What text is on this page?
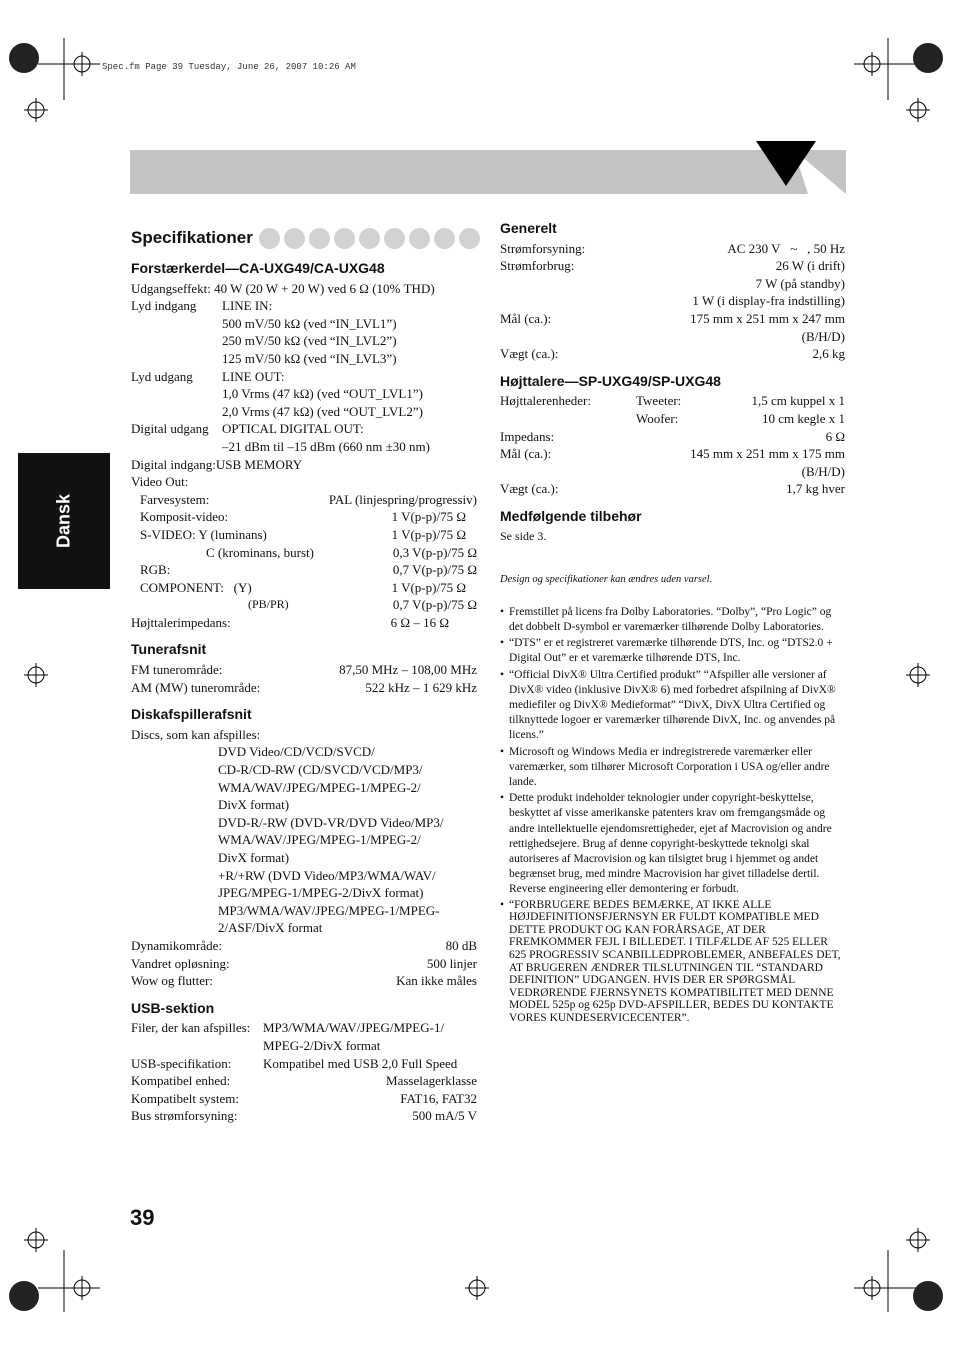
Spec.fm Page 39 Tuesday, June 26, 2007 10:26 AM
Dansk
Specifikationer
Forstærkerdel—CA-UXG49/CA-UXG48
Udgangseffekt:
40 W (20 W + 20 W) ved 6 Ω (10% THD)
Lyd indgang	LINE IN:
500 mV/50 kΩ (ved “IN_LVL1”)
250 mV/50 kΩ (ved “IN_LVL2”)
125 mV/50 kΩ (ved “IN_LVL3”)
Lyd udgang	LINE OUT:
1,0 Vrms (47 kΩ) (ved “OUT_LVL1”)
2,0 Vrms (47 kΩ) (ved “OUT_LVL2”)
Digital udgang	OPTICAL DIGITAL OUT:
–21 dBm til –15 dBm (660 nm ±30 nm)
Digital indgang:USB MEMORY
Video Out:
Farvesystem:	PAL (linjespring/progressiv)
Komposit-video:	1 V(p-p)/75 Ω
S-VIDEO: Y (luminans)	1 V(p-p)/75 Ω
C (krominans, burst)	0,3 V(p-p)/75 Ω
RGB:	0,7 V(p-p)/75 Ω
COMPONENT: (Y)	1 V(p-p)/75 Ω
(PB/PR)	0,7 V(p-p)/75 Ω
Højttalerimpedans:	6 Ω – 16 Ω
Tunerafsnit
FM tunerområde:	87,50 MHz – 108,00 MHz
AM (MW) tunerområde:	522 kHz – 1 629 kHz
Diskafspillerafsnit
Discs, som kan afspilles:
DVD Video/CD/VCD/SVCD/
CD-R/CD-RW (CD/SVCD/VCD/MP3/
WMA/WAV/JPEG/MPEG-1/MPEG-2/
DivX format)
DVD-R/-RW (DVD-VR/DVD Video/MP3/
WMA/WAV/JPEG/MPEG-1/MPEG-2/
DivX format)
+R/+RW (DVD Video/MP3/WMA/WAV/
JPEG/MPEG-1/MPEG-2/DivX format)
MP3/WMA/WAV/JPEG/MPEG-1/MPEG-
2/ASF/DivX format
Dynamikområde:	80 dB
Vandret opløsning:	500 linjer
Wow og flutter:	Kan ikke måles
USB-sektion
Filer, der kan afspilles: MP3/WMA/WAV/JPEG/MPEG-1/
MPEG-2/DivX format
USB-specifikation:	Kompatibel med USB 2,0 Full Speed
Kompatibel enhed:	Masselagerklasse
Kompatibelt system:	FAT16, FAT32
Bus strømforsyning:	500 mA/5 V
Generelt
Strømforsyning:	AC 230 V ~ , 50 Hz
Strømforbrug:	26 W (i drift)
7 W (på standby)
1 W (i display-fra indstilling)
Mål (ca.):	175 mm x 251 mm x 247 mm
(B/H/D)
Vægt (ca.):	2,6 kg
Højttalere—SP-UXG49/SP-UXG48
Højttalerenheder:	Tweeter:	1,5 cm kuppel x 1
Woofer:	10 cm kegle x 1
Impedans:	6 Ω
Mål (ca.):	145 mm x 251 mm x 175 mm
(B/H/D)
Vægt (ca.):	1,7 kg hver
Medfølgende tilbehør
Se side 3.
Design og specifikationer kan ændres uden varsel.
• Fremstillet på licens fra Dolby Laboratories. “Dolby”, “Pro Logic” og det dobbelt D-symbol er varemærker tilhørende Dolby Laboratories.
• “DTS” er et registreret varemærke tilhørende DTS, Inc. og “DTS2.0 + Digital Out” er et varemærke tilhørende DTS, Inc.
• “Official DivX® Ultra Certified produkt” “Afspiller alle versioner af DivX® video (inklusive DivX® 6) med forbedret afspilning af DivX® mediefiler og DivX® Medieformat” “DivX, DivX Ultra Certified og tilknyttede logoer er varemærker tilhørende DivX, Inc. og anvendes på licens.”
• Microsoft og Windows Media er indregistrerede varemærker eller varemærker, som tilhører Microsoft Corporation i USA og/eller andre lande.
• Dette produkt indeholder teknologier under copyright-beskyttelse, beskyttet af visse amerikanske patenters krav om fremgangsmåde og andre intellektuelle ejendomsrettigheder, ejet af Macrovision og andre rettighedsejere. Brug af denne copyright-beskyttede teknolgi skal autoriseres af Macrovision og kan tilsigtet brug i hjemmet og andet begrænset brug, med mindre Macrovision har givet tilladelse dertil. Reverse engineering eller demontering er forbudt.
• “FORBRUGERE BEDES BEMÆRKE, AT IKKE ALLE HØJDEFINITIONSFJERNSYN ER FULDT KOMPATIBLE MED DETTE PRODUKT OG KAN FORÅRSAGE, AT DER FREMKOMMER FEJL I BILLEDET. I TILFÆLDE AF 525 ELLER 625 PROGRESSIV SCANBILLEDPROBLEMER, ANBEFALES DET, AT BRUGEREN ÆNDRER TILSLUTNINGEN TIL “STANDARD DEFINITION” UDGANGEN. HVIS DER ER SPØRGSMÅL VEDRØRENDE FJERNSYNETS KOMPATIBILITET MED DENNE MODEL 525p og 625p DVD-AFSPILLER, BEDES DU KONTAKTE VORES KUNDESERVICECENTER”.
39
